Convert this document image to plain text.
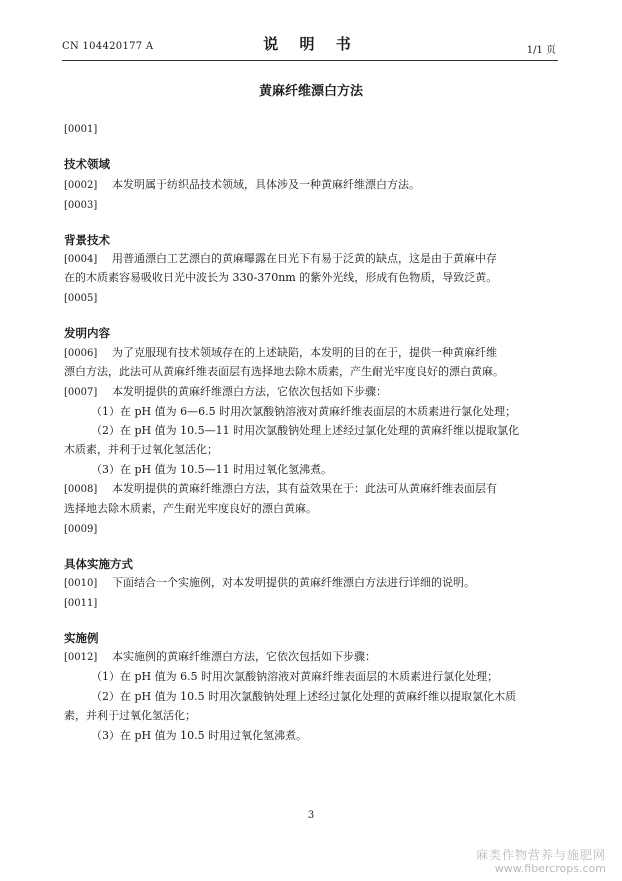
CN 104420177 A	说 明 书	1/1 页
黄麻纤维漂白方法
[0001]
技术领域
[0002] 本发明属于纺织品技术领域，具体涉及一种黄麻纤维漂白方法。
[0003]
背景技术
[0004] 用普通漂白工艺漂白的黄麻曝露在日光下有易于泛黄的缺点，这是由于黄麻中存
在的木质素容易吸收日光中波长为 330-370nm 的紫外光线，形成有色物质，导致泛黄。
[0005]
发明内容
[0006] 为了克服现有技术领域存在的上述缺陷，本发明的目的在于，提供一种黄麻纤维
漂白方法，此法可从黄麻纤维表面层有选择地去除木质素，产生耐光牢度良好的漂白黄麻。
[0007] 本发明提供的黄麻纤维漂白方法，它依次包括如下步骤：
（1）在 pH 值为 6—6.5 时用次氯酸钠溶液对黄麻纤维表面层的木质素进行氯化处理；
（2）在 pH 值为 10.5—11 时用次氯酸钠处理上述经过氯化处理的黄麻纤维以提取氯化
木质素，并利于过氧化氢活化；
（3）在 pH 值为 10.5—11 时用过氧化氢沸煮。
[0008] 本发明提供的黄麻纤维漂白方法，其有益效果在于：此法可从黄麻纤维表面层有
选择地去除木质素，产生耐光牢度良好的漂白黄麻。
[0009]
具体实施方式
[0010] 下面结合一个实施例，对本发明提供的黄麻纤维漂白方法进行详细的说明。
[0011]
实施例
[0012] 本实施例的黄麻纤维漂白方法，它依次包括如下步骤：
（1）在 pH 值为 6.5 时用次氯酸钠溶液对黄麻纤维表面层的木质素进行氯化处理；
（2）在 pH 值为 10.5 时用次氯酸钠处理上述经过氯化处理的黄麻纤维以提取氯化木质
素，并利于过氧化氢活化；
（3）在 pH 值为 10.5 时用过氧化氢沸煮。
3
麻类作物营养与施肥网
www.fibercrops.com
